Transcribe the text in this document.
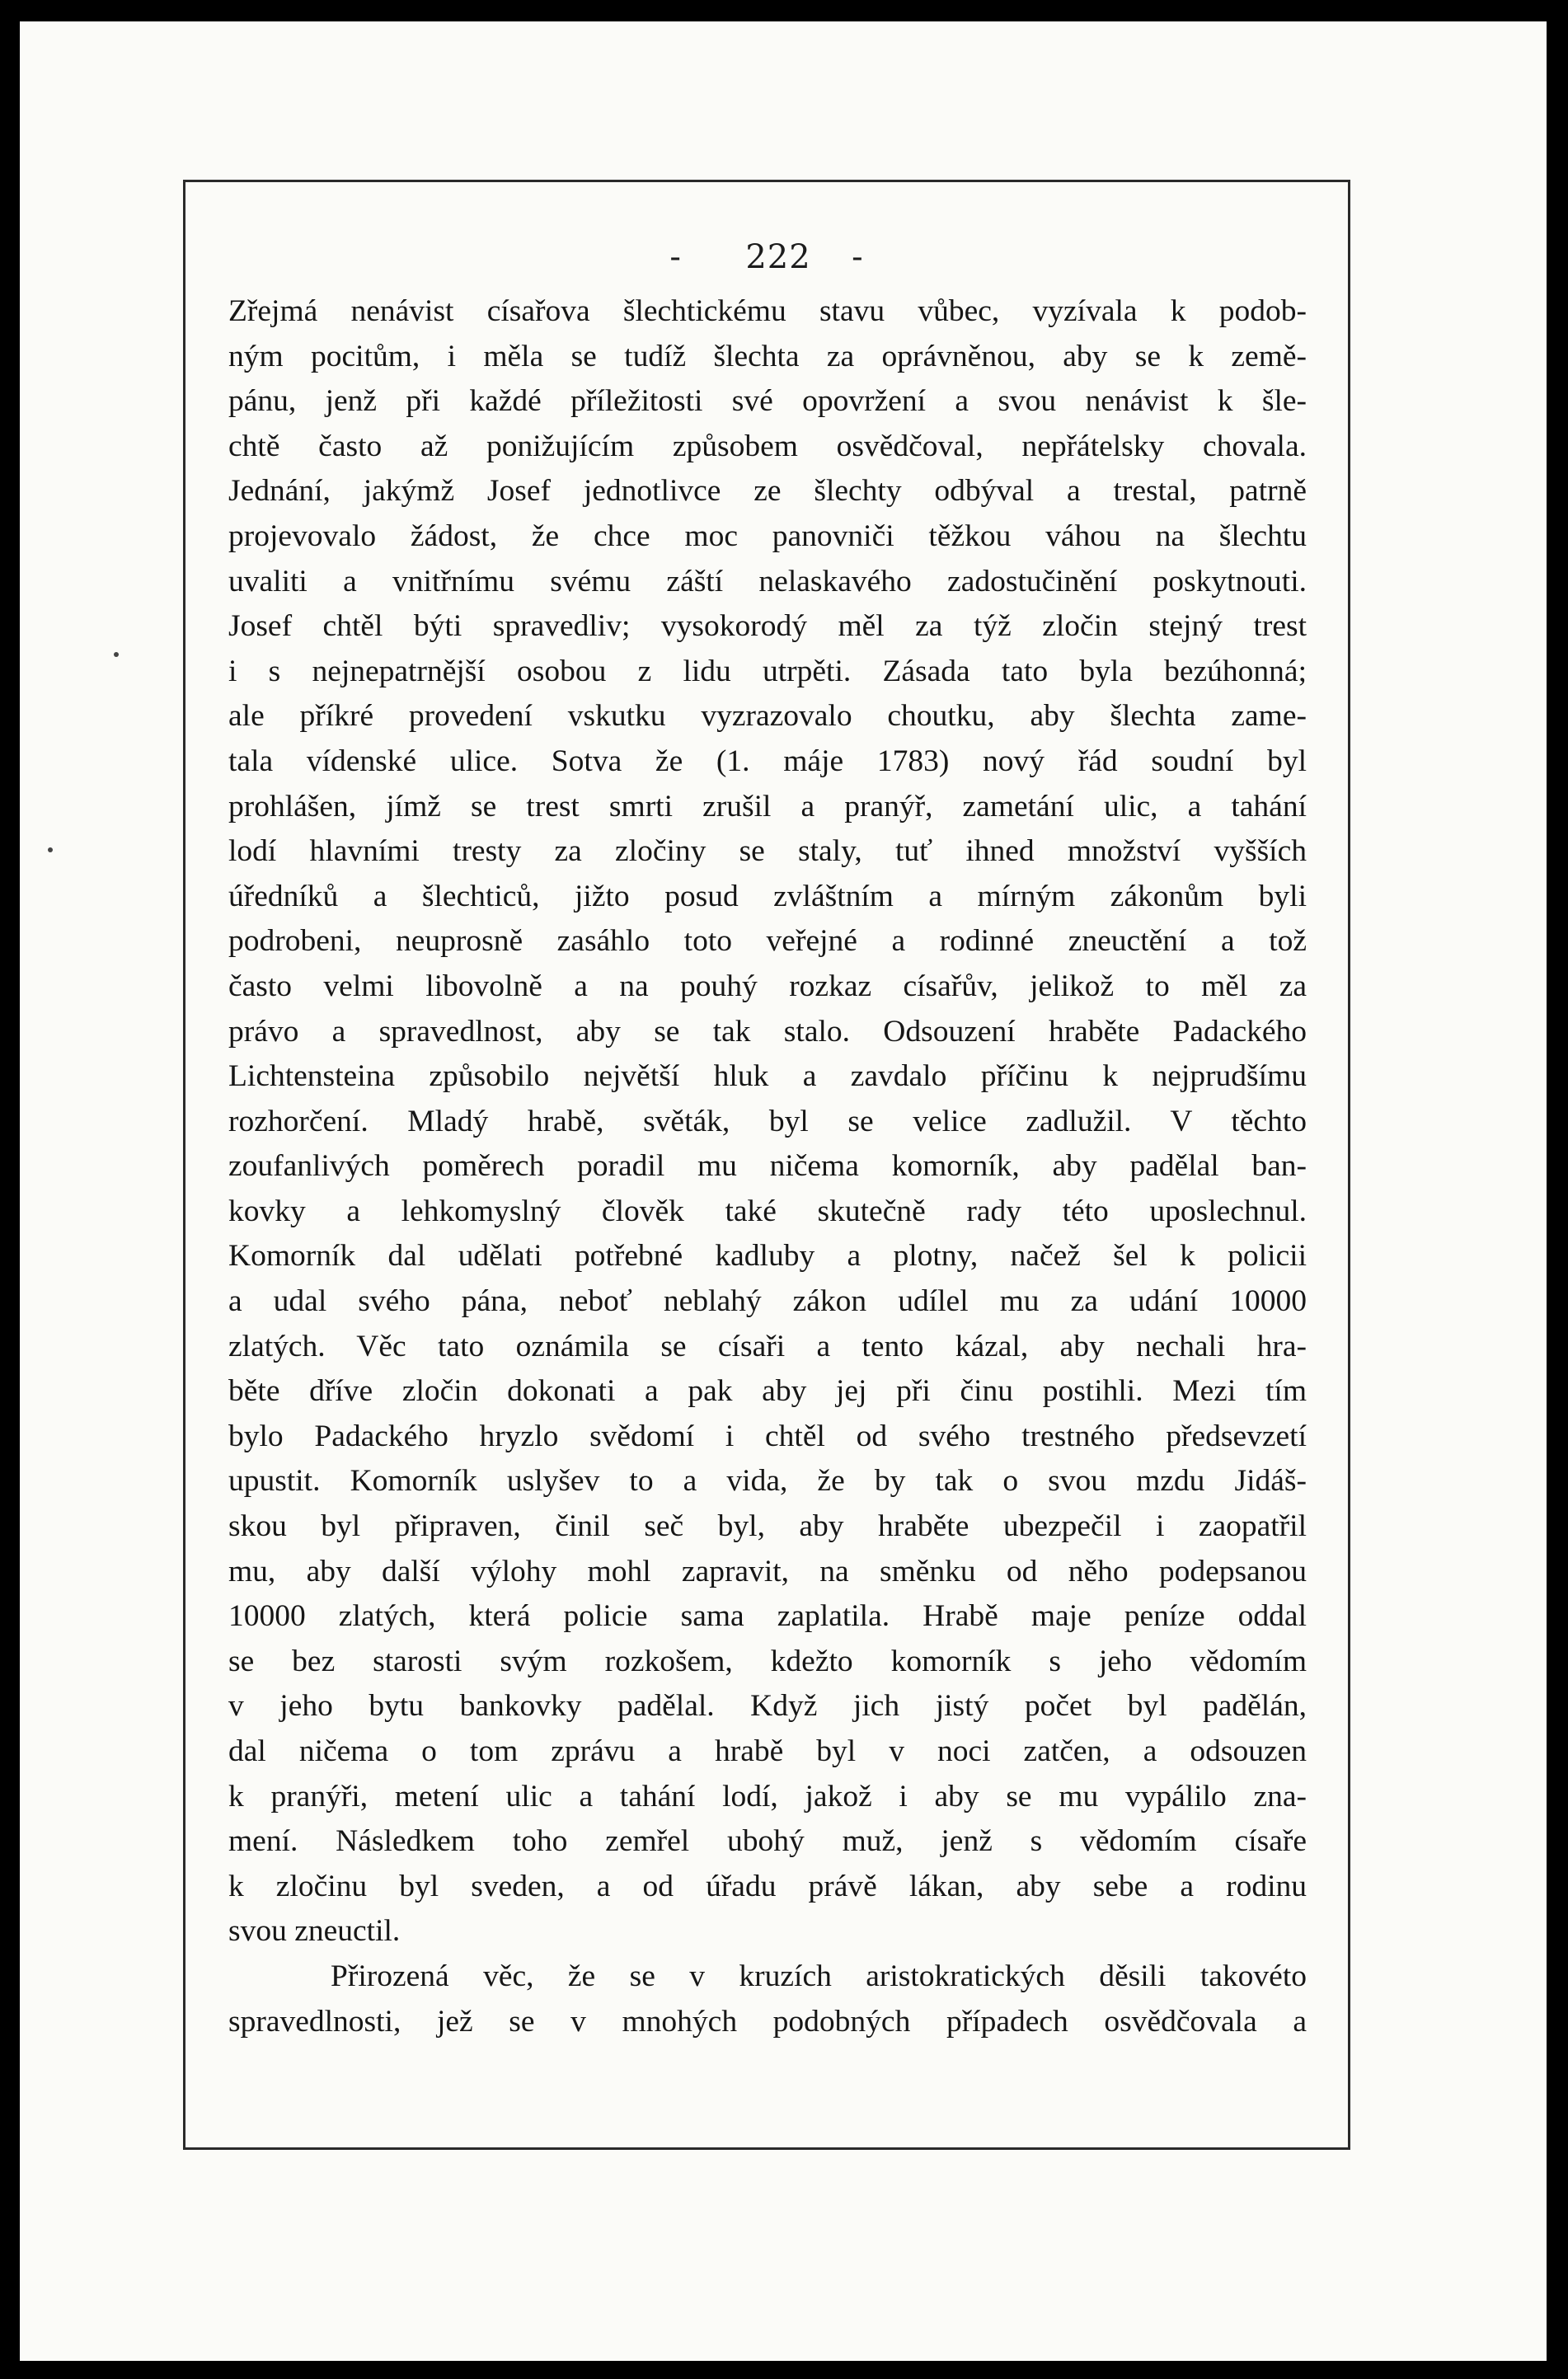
- 222 -
Zřejmá nenávist císařova šlechtickému stavu vůbec, vyzívala k podob-
ným pocitům, i měla se tudíž šlechta za oprávněnou, aby se k země-
pánu, jenž při každé příležitosti své opovržení a svou nenávist k šle-
chtě často až ponižujícím způsobem osvědčoval, nepřátelsky chovala.
Jednání, jakýmž Josef jednotlivce ze šlechty odbýval a trestal, patrně
projevovalo žádost, že chce moc panovniči těžkou váhou na šlechtu
uvaliti a vnitřnímu svému záští nelaskavého zadostučinění poskytnouti.
Josef chtěl býti spravedliv; vysokorodý měl za týž zločin stejný trest
i s nejnepatrnější osobou z lidu utrpěti. Zásada tato byla bezúhonná;
ale příkré provedení vskutku vyzrazovalo choutku, aby šlechta zame-
tala vídenské ulice. Sotva že (1. máje 1783) nový řád soudní byl
prohlášen, jímž se trest smrti zrušil a pranýř, zametání ulic, a tahání
lodí hlavními tresty za zločiny se staly, tuť ihned množství vyšších
úředníků a šlechticů, jižto posud zvláštním a mírným zákonům byli
podrobeni, neuprosně zasáhlo toto veřejné a rodinné zneuctění a tož
často velmi libovolně a na pouhý rozkaz císařův, jelikož to měl za
právo a spravedlnost, aby se tak stalo. Odsouzení hraběte Padackého
Lichtensteina způsobilo největší hluk a zavdalo příčinu k nejprudšímu
rozhorčení. Mladý hrabě, světák, byl se velice zadlužil. V těchto
zoufanlivých poměrech poradil mu ničema komorník, aby padělal ban-
kovky a lehkomyslný člověk také skutečně rady této uposlechnul.
Komorník dal udělati potřebné kadluby a plotny, načež šel k policii
a udal svého pána, neboť neblahý zákon udílel mu za udání 10000
zlatých. Věc tato oznámila se císaři a tento kázal, aby nechali hra-
běte dříve zločin dokonati a pak aby jej při činu postihli. Mezi tím
bylo Padackého hryzlo svědomí i chtěl od svého trestného předsevzetí
upustit. Komorník uslyšev to a vida, že by tak o svou mzdu Jidáš-
skou byl připraven, činil seč byl, aby hraběte ubezpečil i zaopatřil
mu, aby další výlohy mohl zapravit, na směnku od něho podepsanou
10000 zlatých, která policie sama zaplatila. Hrabě maje peníze oddal
se bez starosti svým rozkošem, kdežto komorník s jeho vědomím
v jeho bytu bankovky padělal. Když jich jistý počet byl padělán,
dal ničema o tom zprávu a hrabě byl v noci zatčen, a odsouzen
k pranýři, metení ulic a tahání lodí, jakož i aby se mu vypálilo zna-
mení. Následkem toho zemřel ubohý muž, jenž s vědomím císaře
k zločinu byl sveden, a od úřadu právě lákan, aby sebe a rodinu
svou zneuctil.
Přirozená věc, že se v kruzích aristokratických děsili takovéto
spravedlnosti, jež se v mnohých podobných případech osvědčovala a
